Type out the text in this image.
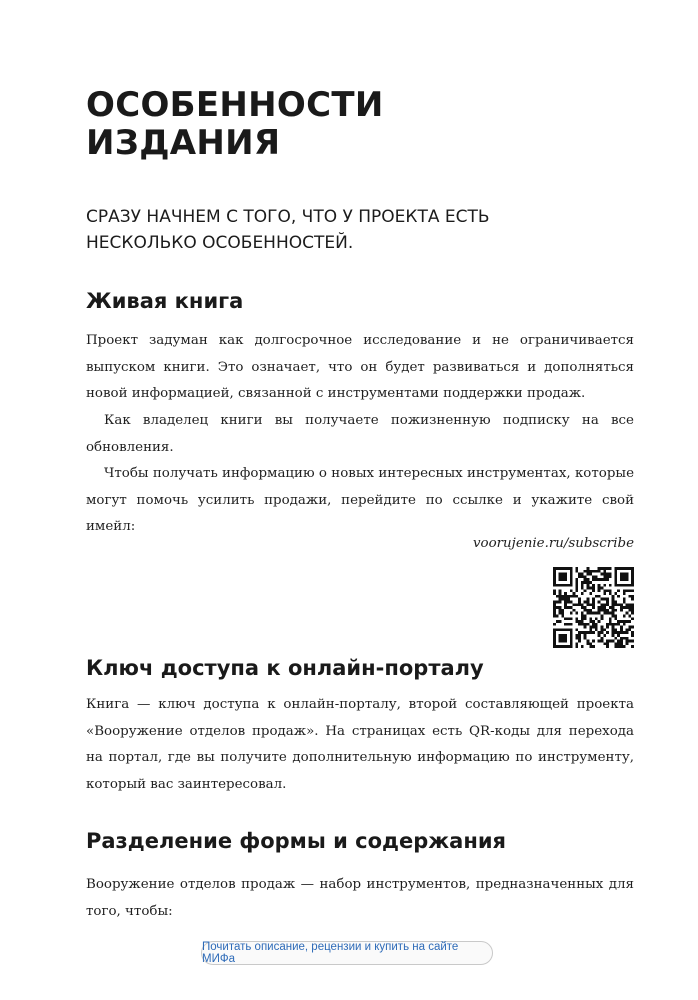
ОСОБЕННОСТИ
ИЗДАНИЯ

СРАЗУ НАЧНЕМ С ТОГО, ЧТО У ПРОЕКТА ЕСТЬ
НЕСКОЛЬКО ОСОБЕННОСТЕЙ.

Живая книга

Проект задуман как долгосрочное исследование и не ограничивается выпуском книги. Это означает, что он будет развиваться и дополняться новой информацией, связанной с инструментами поддержки продаж.

Как владелец книги вы получаете пожизненную подписку на все обновления.

Чтобы получать информацию о новых интересных инструментах, которые могут помочь усилить продажи, перейдите по ссылке и укажите свой имейл:

voorujenie.ru/subscribe

Ключ доступа к онлайн-порталу

Книга — ключ доступа к онлайн-порталу, второй составляющей проекта «Вооружение отделов продаж». На страницах есть QR-коды для перехода на портал, где вы получите дополнительную информацию по инструменту, который вас заинтересовал.

Разделение формы и содержания

Вооружение отделов продаж — набор инструментов, предназначенных для того, чтобы:

Почитать описание, рецензии и купить на сайте МИФа
